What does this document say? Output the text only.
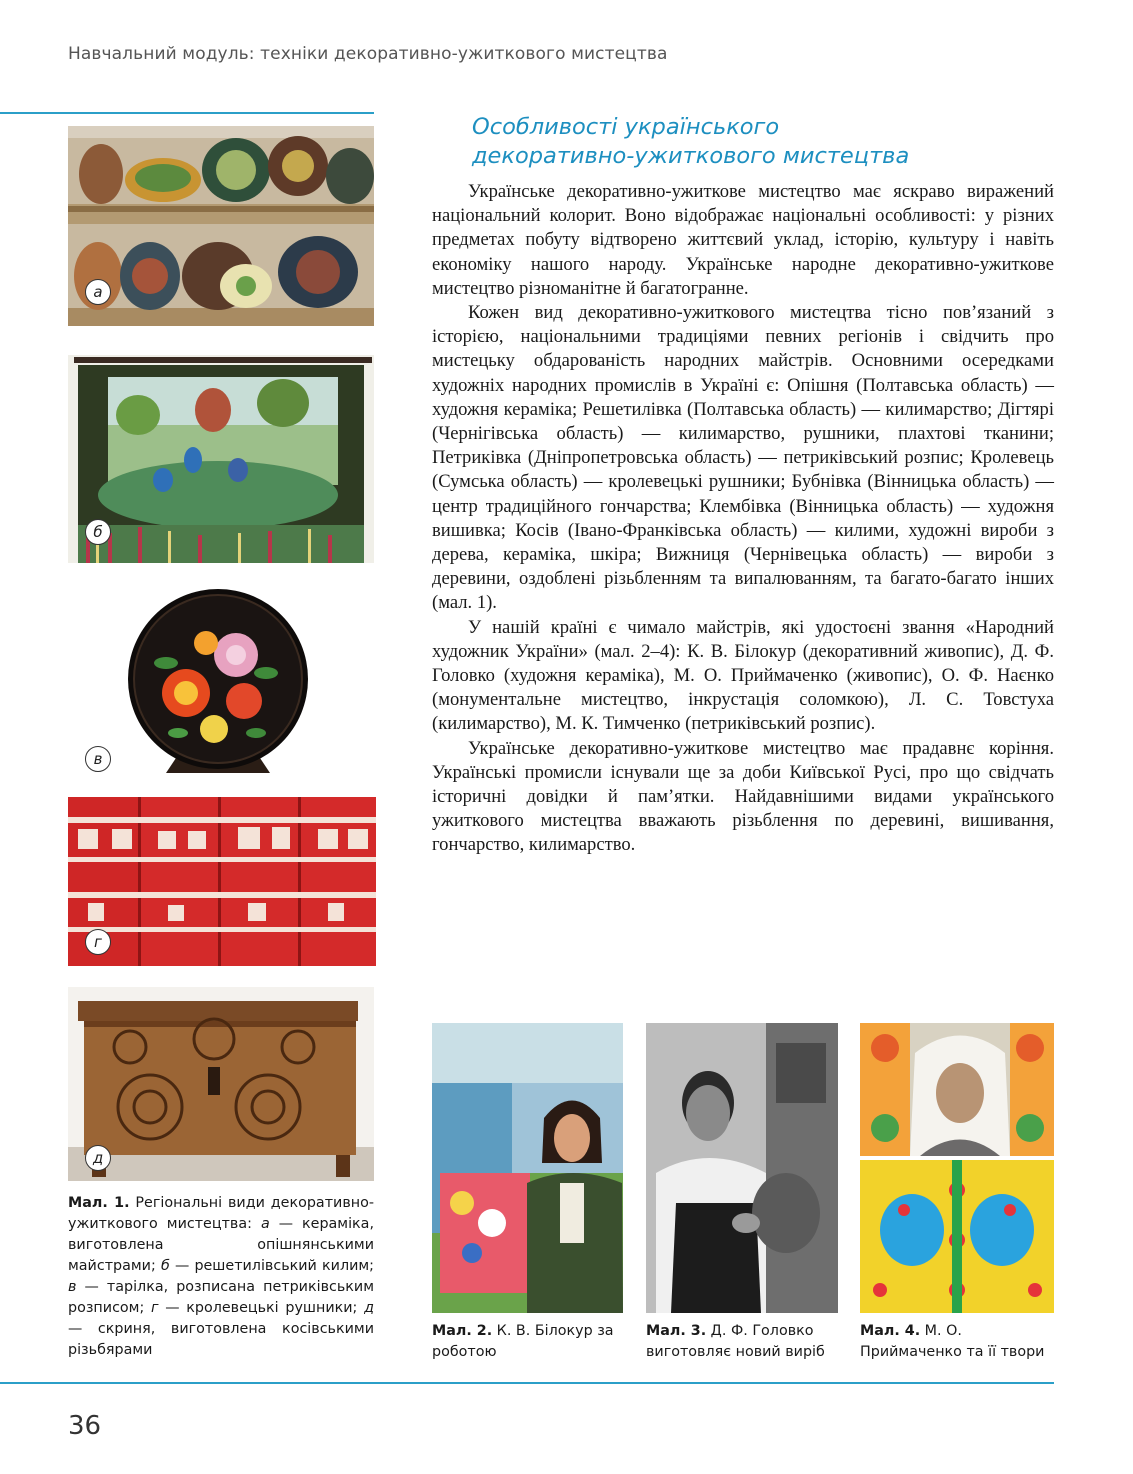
Навчальний модуль: техніки декоративно-ужиткового мистецтва
а
б
в
г
д
Мал. 1. Регіональні види декоративно-ужиткового мистецтва: а — кераміка, виготовлена опішнянськими майстрами; б — решетилівський килим; в — тарілка, розписана петриківським розписом; г — кролевецькі рушники; д — скриня, виготовлена косівськими різьбярами
Особливості українського
декоративно-ужиткового мистецтва

Українське декоративно-ужиткове мистецтво має яскраво виражений національний колорит. Воно відображає національні особливості: у різних предметах побуту відтворено життєвий уклад, історію, культуру і навіть економіку нашого народу. Українське народне декоративно-ужиткове мистецтво різноманітне й багатогранне.

Кожен вид декоративно-ужиткового мистецтва тісно пов’язаний з історією, національними традиціями певних регіонів і свідчить про мистецьку обдарованість народних майстрів. Основними осередками художніх народних промислів в Україні є: Опішня (Полтавська область) — художня кераміка; Решетилівка (Полтавська область) — килимарство; Дігтярі (Чернігівська область) — килимарство, рушники, плахтові тканини; Петриківка (Дніпропетровська область) — петриківський розпис; Кролевець (Сумська область) — кролевецькі рушники; Бубнівка (Вінницька область) — центр традиційного гончарства; Клембівка (Вінницька область) — художня вишивка; Косів (Івано-Франківська область) — килими, художні вироби з дерева, кераміка, шкіра; Вижниця (Чернівецька область) — вироби з деревини, оздоблені різьбленням та випалюванням, та багато-багато інших (мал. 1).

У нашій країні є чимало майстрів, які удостоєні звання «Народний художник України» (мал. 2–4): К. В. Білокур (декоративний живопис), Д. Ф. Головко (художня кераміка), М. О. Приймаченко (живопис), О. Ф. Наєнко (монументальне мистецтво, інкрустація соломкою), Л. С. Товстуха (килимарство), М. К. Тимченко (петриківський розпис).

Українське декоративно-ужиткове мистецтво має прадавнє коріння. Українські промисли існували ще за доби Київської Русі, про що свідчать історичні довідки й пам’ятки. Найдавнішими видами українського ужиткового мистецтва вважають різьблення по деревині, вишивання, гончарство, килимарство.

Мал. 2. К. В. Білокур за роботою
Мал. 3. Д. Ф. Головко виготовляє новий виріб
Мал. 4. М. О. Приймаченко та її твори
36
